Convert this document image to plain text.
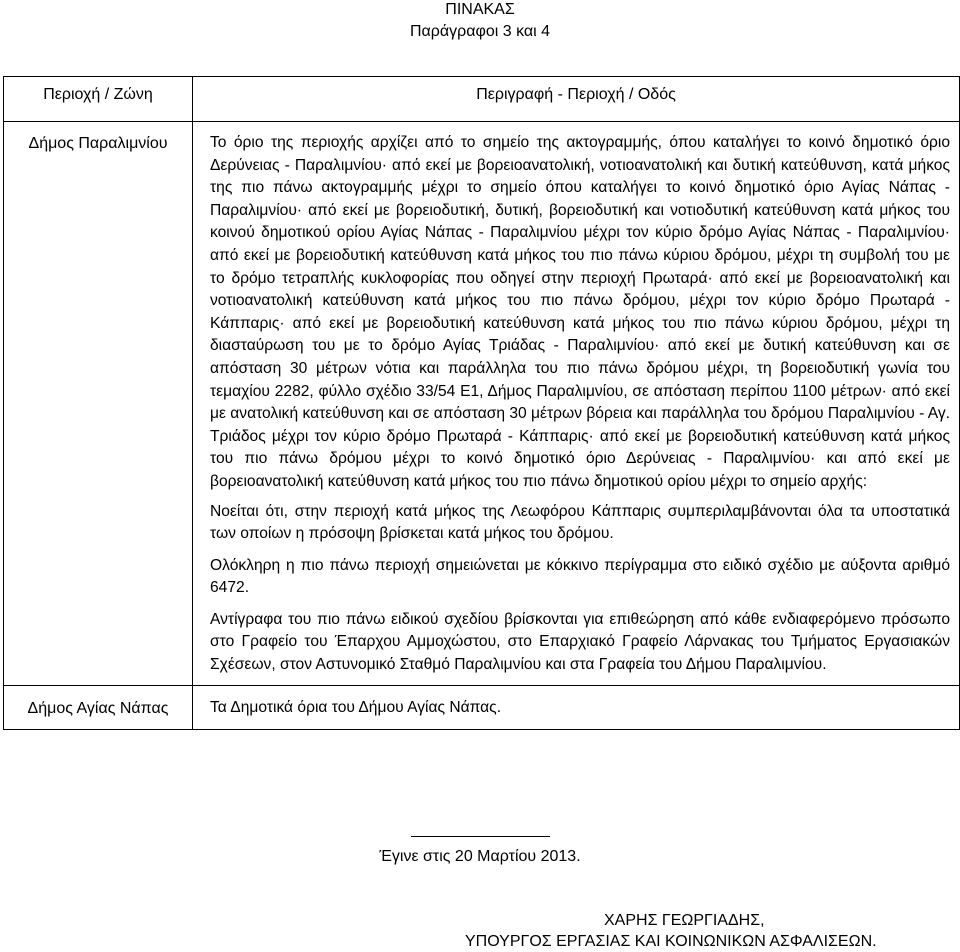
ΠΙΝΑΚΑΣ
Παράγραφοι 3 και 4
Περιοχή / Ζώνη	Περιγραφή - Περιοχή / Οδός

Δήμος Παραλιμνίου	Το όριο της περιοχής αρχίζει από το σημείο της ακτογραμμής, όπου καταλήγει το κοινό δημοτικό όριο Δερύνειας - Παραλιμνίου· από εκεί με βορειοανατολική, νοτιοανατολική και δυτική κατεύθυνση, κατά μήκος της πιο πάνω ακτογραμμής μέχρι το σημείο όπου καταλήγει το κοινό δημοτικό όριο Αγίας Νάπας - Παραλιμνίου· από εκεί με βορειοδυτική, δυτική, βορειοδυτική και νοτιοδυτική κατεύθυνση κατά μήκος του κοινού δημοτικού ορίου Αγίας Νάπας - Παραλιμνίου μέχρι τον κύριο δρόμο Αγίας Νάπας - Παραλιμνίου· από εκεί με βορειοδυτική κατεύθυνση κατά μήκος του πιο πάνω κύριου δρόμου, μέχρι τη συμβολή του με το δρόμο τετραπλής κυκλοφορίας που οδηγεί στην περιοχή Πρωταρά· από εκεί με βορειοανατολική και νοτιοανατολική κατεύθυνση κατά μήκος του πιο πάνω δρόμου, μέχρι τον κύριο δρόμο Πρωταρά - Κάππαρις· από εκεί με βορειοδυτική κατεύθυνση κατά μήκος του πιο πάνω κύριου δρόμου, μέχρι τη διασταύρωση του με το δρόμο Αγίας Τριάδας - Παραλιμνίου· από εκεί με δυτική κατεύθυνση και σε απόσταση 30 μέτρων νότια και παράλληλα του πιο πάνω δρόμου μέχρι, τη βορειοδυτική γωνία του τεμαχίου 2282, φύλλο σχέδιο 33/54 Ε1, Δήμος Παραλιμνίου, σε απόσταση περίπου 1100 μέτρων· από εκεί με ανατολική κατεύθυνση και σε απόσταση 30 μέτρων βόρεια και παράλληλα του δρόμου Παραλιμνίου - Αγ. Τριάδος μέχρι τον κύριο δρόμο Πρωταρά - Κάππαρις· από εκεί με βορειοδυτική κατεύθυνση κατά μήκος του πιο πάνω δρόμου μέχρι το κοινό δημοτικό όριο Δερύνειας - Παραλιμνίου· και από εκεί με βορειοανατολική κατεύθυνση κατά μήκος του πιο πάνω δημοτικού ορίου μέχρι το σημείο αρχής:

Νοείται ότι, στην περιοχή κατά μήκος της Λεωφόρου Κάππαρις συμπεριλαμβάνονται όλα τα υποστατικά των οποίων η πρόσοψη βρίσκεται κατά μήκος του δρόμου.

Ολόκληρη η πιο πάνω περιοχή σημειώνεται με κόκκινο περίγραμμα στο ειδικό σχέδιο με αύξοντα αριθμό 6472.

Αντίγραφα του πιο πάνω ειδικού σχεδίου βρίσκονται για επιθεώρηση από κάθε ενδιαφερόμενο πρόσωπο στο Γραφείο του Έπαρχου Αμμοχώστου, στο Επαρχιακό Γραφείο Λάρνακας του Τμήματος Εργασιακών Σχέσεων, στον Αστυνομικό Σταθμό Παραλιμνίου και στα Γραφεία του Δήμου Παραλιμνίου.

Δήμος Αγίας Νάπας	Τα Δημοτικά όρια του Δήμου Αγίας Νάπας.

Έγινε στις 20 Μαρτίου 2013.
ΧΑΡΗΣ ΓΕΩΡΓΙΑΔΗΣ,
ΥΠΟΥΡΓΟΣ ΕΡΓΑΣΙΑΣ ΚΑΙ ΚΟΙΝΩΝΙΚΩΝ ΑΣΦΑΛΙΣΕΩΝ.
